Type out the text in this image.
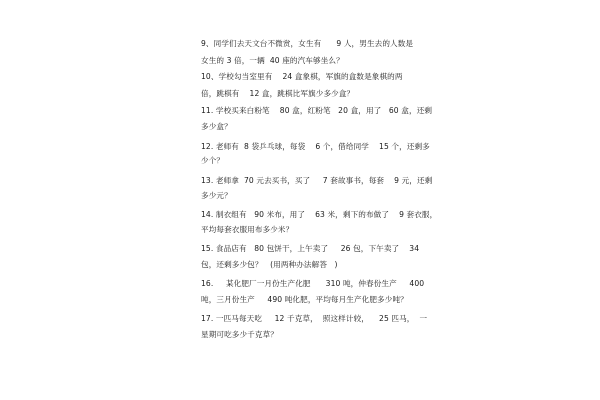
9、同学们去天文台不微赏，女生有      9 人，男生去的人数是
女生的 3 倍，一辆  40 座的汽车够坐么？
10、学校勾当室里有    24 盒象棋，军旗的盒数是象棋的两
倍，跳棋有    12 盒，跳棋比军旗少多少盒？
11. 学校买来白粉笔    80 盒，红粉笔   20 盒，用了   60 盒，还剩
多少盒？
12. 老师有  8 袋乒乓球，每袋    6 个，借给同学    15 个，还剩多
少个？
13. 老师拿  70 元去买书，买了     7 套故事书，每套    9 元，还剩
多少元？
14. 制衣组有   90 米布，用了    63 米，剩下的布做了    9 套衣服，
平均每套衣服用布多少米？
15. 食品店有   80 包饼干，上午卖了     26 包，下午卖了    34
包，还剩多少包？   (用两种办法解答   )
16.     某化肥厂一月份生产化肥      310 吨，仲春份生产     400
吨，三月份生产     490 吨化肥，平均每月生产化肥多少吨？
17. 一匹马每天吃     12 千克草，  照这样计较，    25 匹马，  一
星期可吃多少千克草？
